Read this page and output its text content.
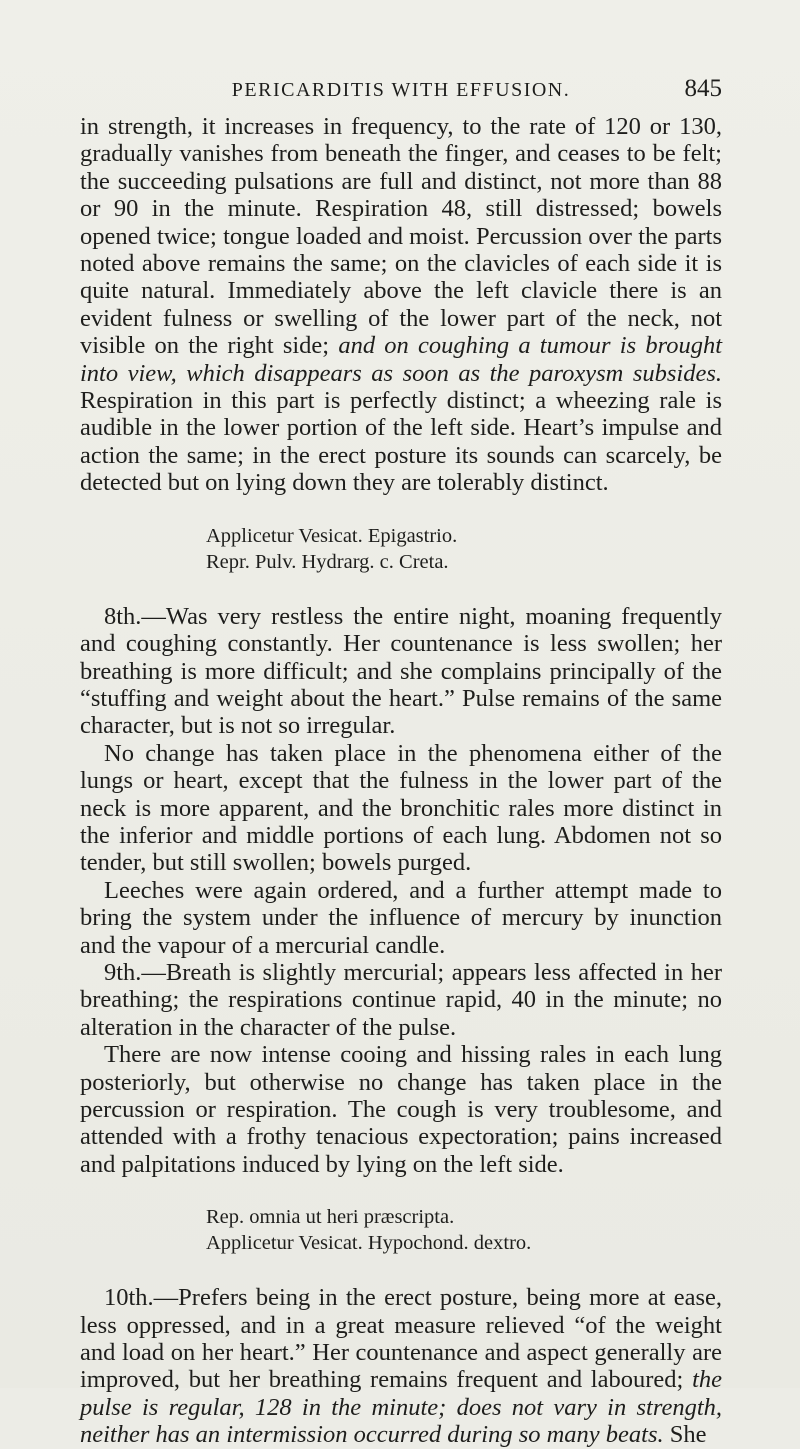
PERICARDITIS WITH EFFUSION.	845

in strength, it increases in frequency, to the rate of 120 or 130, gradually vanishes from beneath the finger, and ceases to be felt; the succeeding pulsations are full and distinct, not more than 88 or 90 in the minute. Respiration 48, still distressed; bowels opened twice; tongue loaded and moist. Percussion over the parts noted above remains the same; on the clavicles of each side it is quite natural. Immediately above the left clavicle there is an evident fulness or swelling of the lower part of the neck, not visible on the right side; and on coughing a tumour is brought into view, which disappears as soon as the paroxysm subsides. Respiration in this part is perfectly distinct; a wheezing rale is audible in the lower portion of the left side. Heart’s impulse and action the same; in the erect posture its sounds can scarcely, be detected but on lying down they are tolerably distinct.

Applicetur Vesicat. Epigastrio.
Repr. Pulv. Hydrarg. c. Creta.

8th.—Was very restless the entire night, moaning frequently and coughing constantly. Her countenance is less swollen; her breathing is more difficult; and she complains principally of the “stuffing and weight about the heart.” Pulse remains of the same character, but is not so irregular.

No change has taken place in the phenomena either of the lungs or heart, except that the fulness in the lower part of the neck is more apparent, and the bronchitic rales more distinct in the inferior and middle portions of each lung. Abdomen not so tender, but still swollen; bowels purged.

Leeches were again ordered, and a further attempt made to bring the system under the influence of mercury by inunction and the vapour of a mercurial candle.

9th.—Breath is slightly mercurial; appears less affected in her breathing; the respirations continue rapid, 40 in the minute; no alteration in the character of the pulse.

There are now intense cooing and hissing rales in each lung posteriorly, but otherwise no change has taken place in the percussion or respiration. The cough is very troublesome, and attended with a frothy tenacious expectoration; pains increased and palpitations induced by lying on the left side.

Rep. omnia ut heri præscripta.
Applicetur Vesicat. Hypochond. dextro.

10th.—Prefers being in the erect posture, being more at ease, less oppressed, and in a great measure relieved “of the weight and load on her heart.” Her countenance and aspect generally are improved, but her breathing remains frequent and laboured; the pulse is regular, 128 in the minute; does not vary in strength, neither has an intermission occurred during so many beats. She
